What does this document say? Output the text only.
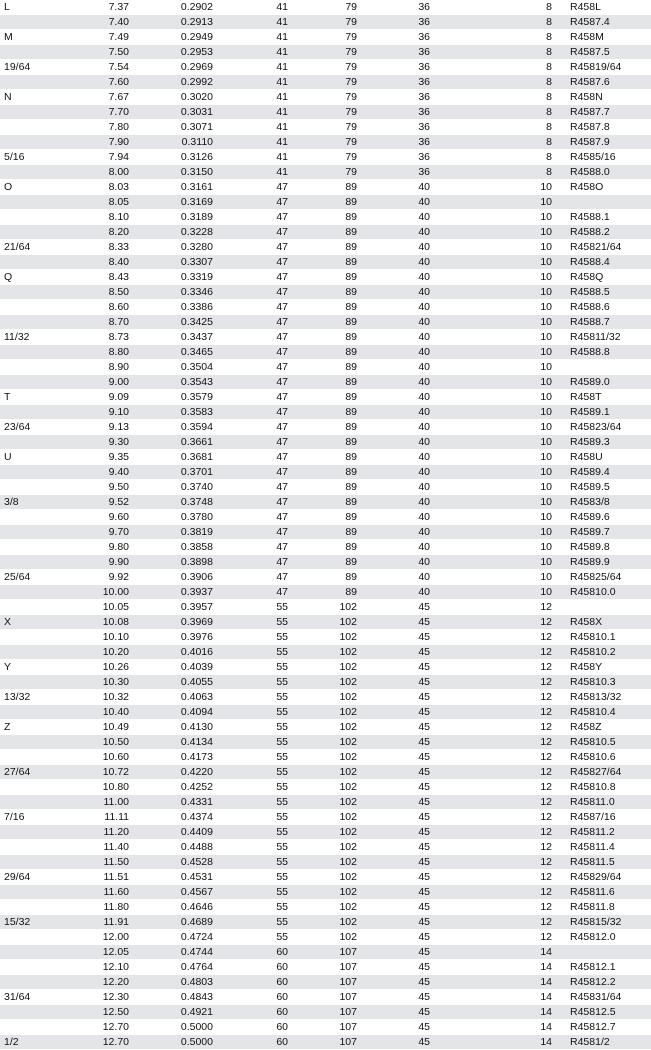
L	7.37	0.2902	41	79	36	8	R458L
	7.40	0.2913	41	79	36	8	R4587.4
M	7.49	0.2949	41	79	36	8	R458M
	7.50	0.2953	41	79	36	8	R4587.5
19/64	7.54	0.2969	41	79	36	8	R45819/64
	7.60	0.2992	41	79	36	8	R4587.6
N	7.67	0.3020	41	79	36	8	R458N
	7.70	0.3031	41	79	36	8	R4587.7
	7.80	0.3071	41	79	36	8	R4587.8
	7.90	0.3110	41	79	36	8	R4587.9
5/16	7.94	0.3126	41	79	36	8	R4585/16
	8.00	0.3150	41	79	36	8	R4588.0
O	8.03	0.3161	47	89	40	10	R458O
	8.05	0.3169	47	89	40	10	
	8.10	0.3189	47	89	40	10	R4588.1
	8.20	0.3228	47	89	40	10	R4588.2
21/64	8.33	0.3280	47	89	40	10	R45821/64
	8.40	0.3307	47	89	40	10	R4588.4
Q	8.43	0.3319	47	89	40	10	R458Q
	8.50	0.3346	47	89	40	10	R4588.5
	8.60	0.3386	47	89	40	10	R4588.6
	8.70	0.3425	47	89	40	10	R4588.7
11/32	8.73	0.3437	47	89	40	10	R45811/32
	8.80	0.3465	47	89	40	10	R4588.8
	8.90	0.3504	47	89	40	10	
	9.00	0.3543	47	89	40	10	R4589.0
T	9.09	0.3579	47	89	40	10	R458T
	9.10	0.3583	47	89	40	10	R4589.1
23/64	9.13	0.3594	47	89	40	10	R45823/64
	9.30	0.3661	47	89	40	10	R4589.3
U	9.35	0.3681	47	89	40	10	R458U
	9.40	0.3701	47	89	40	10	R4589.4
	9.50	0.3740	47	89	40	10	R4589.5
3/8	9.52	0.3748	47	89	40	10	R4583/8
	9.60	0.3780	47	89	40	10	R4589.6
	9.70	0.3819	47	89	40	10	R4589.7
	9.80	0.3858	47	89	40	10	R4589.8
	9.90	0.3898	47	89	40	10	R4589.9
25/64	9.92	0.3906	47	89	40	10	R45825/64
	10.00	0.3937	47	89	40	10	R45810.0
	10.05	0.3957	55	102	45	12	
X	10.08	0.3969	55	102	45	12	R458X
	10.10	0.3976	55	102	45	12	R45810.1
	10.20	0.4016	55	102	45	12	R45810.2
Y	10.26	0.4039	55	102	45	12	R458Y
	10.30	0.4055	55	102	45	12	R45810.3
13/32	10.32	0.4063	55	102	45	12	R45813/32
	10.40	0.4094	55	102	45	12	R45810.4
Z	10.49	0.4130	55	102	45	12	R458Z
	10.50	0.4134	55	102	45	12	R45810.5
	10.60	0.4173	55	102	45	12	R45810.6
27/64	10.72	0.4220	55	102	45	12	R45827/64
	10.80	0.4252	55	102	45	12	R45810.8
	11.00	0.4331	55	102	45	12	R45811.0
7/16	11.11	0.4374	55	102	45	12	R4587/16
	11.20	0.4409	55	102	45	12	R45811.2
	11.40	0.4488	55	102	45	12	R45811.4
	11.50	0.4528	55	102	45	12	R45811.5
29/64	11.51	0.4531	55	102	45	12	R45829/64
	11.60	0.4567	55	102	45	12	R45811.6
	11.80	0.4646	55	102	45	12	R45811.8
15/32	11.91	0.4689	55	102	45	12	R45815/32
	12.00	0.4724	55	102	45	12	R45812.0
	12.05	0.4744	60	107	45	14	
	12.10	0.4764	60	107	45	14	R45812.1
	12.20	0.4803	60	107	45	14	R45812.2
31/64	12.30	0.4843	60	107	45	14	R45831/64
	12.50	0.4921	60	107	45	14	R45812.5
	12.70	0.5000	60	107	45	14	R45812.7
1/2	12.70	0.5000	60	107	45	14	R4581/2
